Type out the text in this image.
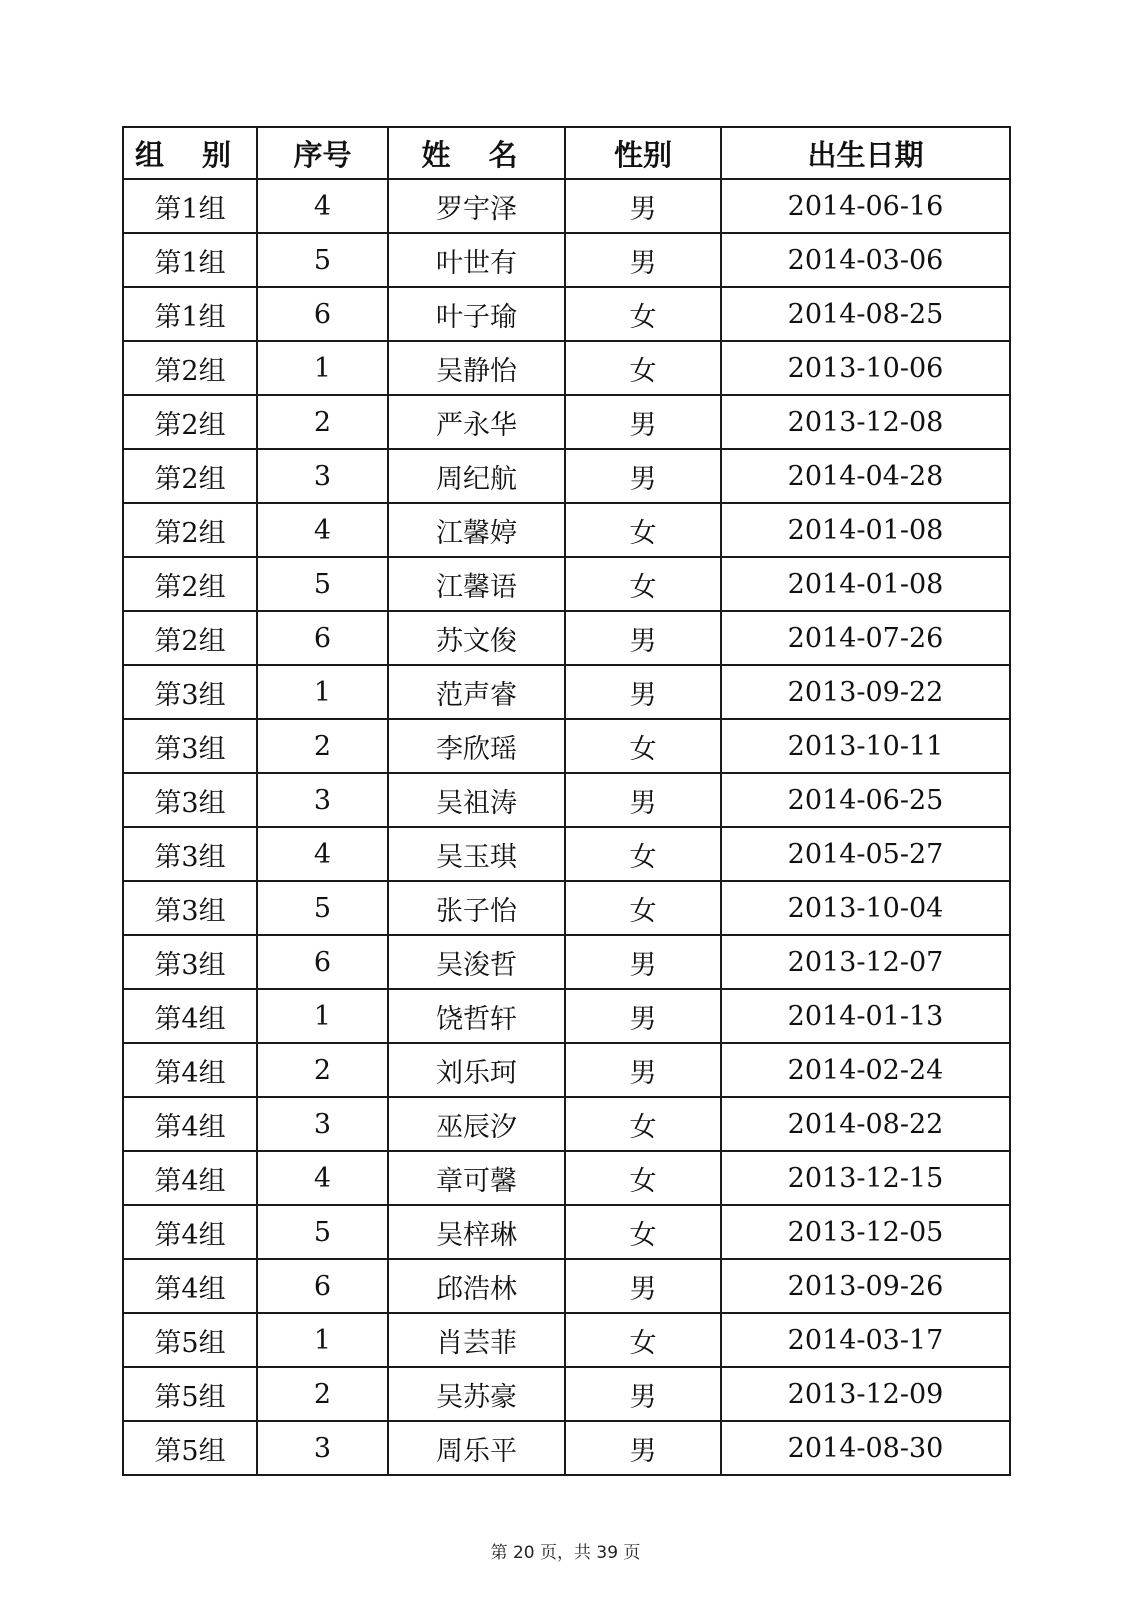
组 别	序号	姓 名	性别	出生日期
第1组	4	罗宇泽	男	2014-06-16
第1组	5	叶世有	男	2014-03-06
第1组	6	叶子瑜	女	2014-08-25
第2组	1	吴静怡	女	2013-10-06
第2组	2	严永华	男	2013-12-08
第2组	3	周纪航	男	2014-04-28
第2组	4	江馨婷	女	2014-01-08
第2组	5	江馨语	女	2014-01-08
第2组	6	苏文俊	男	2014-07-26
第3组	1	范声睿	男	2013-09-22
第3组	2	李欣瑶	女	2013-10-11
第3组	3	吴祖涛	男	2014-06-25
第3组	4	吴玉琪	女	2014-05-27
第3组	5	张子怡	女	2013-10-04
第3组	6	吴浚哲	男	2013-12-07
第4组	1	饶哲轩	男	2014-01-13
第4组	2	刘乐珂	男	2014-02-24
第4组	3	巫辰汐	女	2014-08-22
第4组	4	章可馨	女	2013-12-15
第4组	5	吴梓琳	女	2013-12-05
第4组	6	邱浩林	男	2013-09-26
第5组	1	肖芸菲	女	2014-03-17
第5组	2	吴苏豪	男	2013-12-09
第5组	3	周乐平	男	2014-08-30
第 20 页，共 39 页
